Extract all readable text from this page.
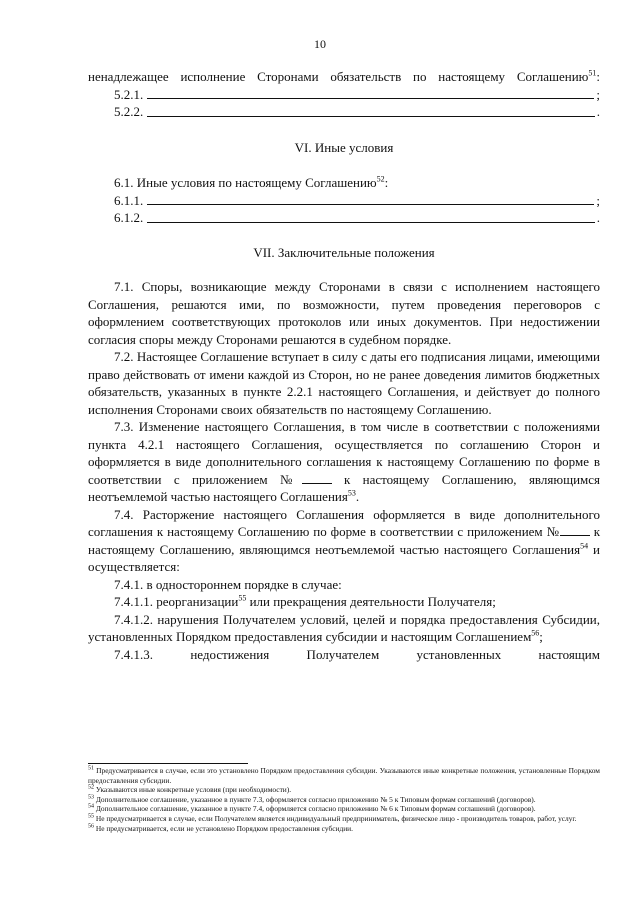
10

ненадлежащее исполнение Сторонами обязательств по настоящему Соглашению$^{51}$:

5.2.1.	;
5.2.2.	.
VI. Иные условия

6.1. Иные условия по настоящему Соглашению$^{52}$:

6.1.1.	;
6.1.2.	.
VII. Заключительные положения

7.1. Споры, возникающие между Сторонами в связи с исполнением настоящего Соглашения, решаются ими, по возможности, путем проведения переговоров с оформлением соответствующих протоколов или иных документов. При недостижении согласия споры между Сторонами решаются в судебном порядке.

7.2. Настоящее Соглашение вступает в силу с даты его подписания лицами, имеющими право действовать от имени каждой из Сторон, но не ранее доведения лимитов бюджетных обязательств, указанных в пункте 2.2.1 настоящего Соглашения, и действует до полного исполнения Сторонами своих обязательств по настоящему Соглашению.

7.3. Изменение настоящего Соглашения, в том числе в соответствии с положениями пункта 4.2.1 настоящего Соглашения, осуществляется по соглашению Сторон и оформляется в виде дополнительного соглашения к настоящему Соглашению по форме в соответствии с приложением №	к настоящему Соглашению, являющимся неотъемлемой частью настоящего Соглашения$^{53}$.

7.4. Расторжение настоящего Соглашения оформляется в виде дополнительного соглашения к настоящему Соглашению по форме в соответствии с приложением №	к настоящему Соглашению, являющимся неотъемлемой частью настоящего Соглашения$^{54}$ и осуществляется:

7.4.1. в одностороннем порядке в случае:

7.4.1.1. реорганизации$^{55}$ или прекращения деятельности Получателя;

7.4.1.2. нарушения Получателем условий, целей и порядка предоставления Субсидии, установленных Порядком предоставления субсидии и настоящим Соглашением$^{56}$;

7.4.1.3. недостижения Получателем установленных настоящим

$^{51}$ Предусматривается в случае, если это установлено Порядком предоставления субсидии. Указываются иные конкретные положения, установленные Порядком предоставления субсидии.

$^{52}$ Указываются иные конкретные условия (при необходимости).

$^{53}$ Дополнительное соглашение, указанное в пункте 7.3, оформляется согласно приложению № 5 к Типовым формам соглашений (договоров).

$^{54}$ Дополнительное соглашение, указанное в пункте 7.4, оформляется согласно приложению № 6 к Типовым формам соглашений (договоров).

$^{55}$ Не предусматривается в случае, если Получателем является индивидуальный предприниматель, физическое лицо - производитель товаров, работ, услуг.

$^{56}$ Не предусматривается, если не установлено Порядком предоставления субсидии.
